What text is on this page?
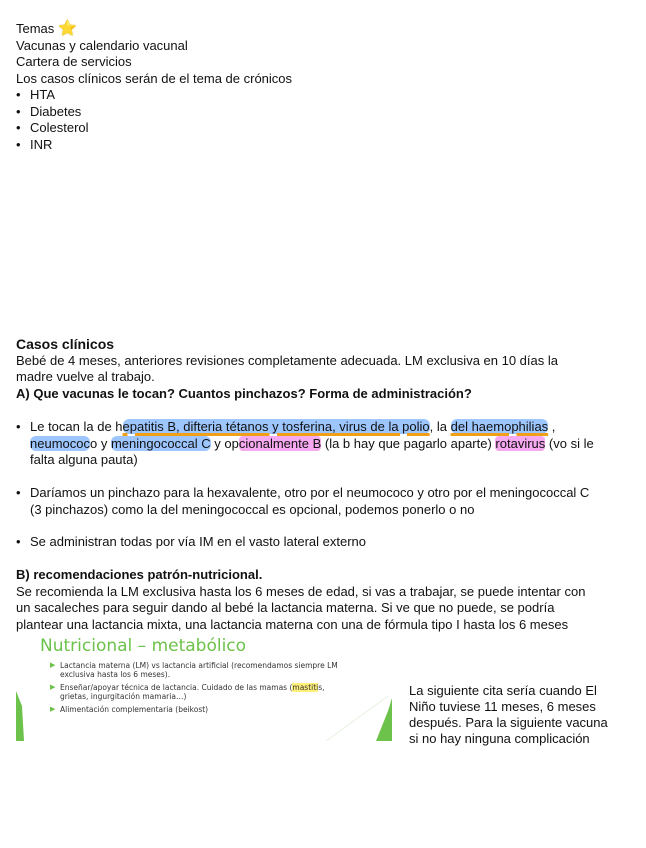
Temas ⭐
Vacunas y calendario vacunal
Cartera de servicios
Los casos clínicos serán de el tema de crónicos
• HTA
• Diabetes
• Colesterol
• INR
Casos clínicos
Bebé de 4 meses, anteriores revisiones completamente adecuada. LM exclusiva en 10 días la
madre vuelve al trabajo.
A) Que vacunas le tocan? Cuantos pinchazos? Forma de administración?
• Le tocan la de hepatitis B, difteria tétanos y tosferina, virus de la polio, la del haemophilias ,
neumococo y meningococcal C y opcionalmente B (la b hay que pagarlo aparte) rotavirus (vo si le
falta alguna pauta)
• Daríamos un pinchazo para la hexavalente, otro por el neumococo y otro por el meningococcal C
(3 pinchazos) como la del meningococcal es opcional, podemos ponerlo o no
• Se administran todas por vía IM en el vasto lateral externo
B) recomendaciones patrón-nutricional.
Se recomienda la LM exclusiva hasta los 6 meses de edad, si vas a trabajar, se puede intentar con
un sacaleches para seguir dando al bebé la lactancia materna. Si ve que no puede, se podría
plantear una lactancia mixta, una lactancia materna con una de fórmula tipo I hasta los 6 meses
Nutricional – metabólico
▶ Lactancia materna (LM) vs lactancia artificial (recomendamos siempre LM
exclusiva hasta los 6 meses).
▶ Enseñar/apoyar técnica de lactancia. Cuidado de las mamas (mastitis,
grietas, ingurgitación mamaria…)
▶ Alimentación complementaria (beikost)
La siguiente cita sería cuando El
Niño tuviese 11 meses, 6 meses
después. Para la siguiente vacuna
si no hay ninguna complicación
